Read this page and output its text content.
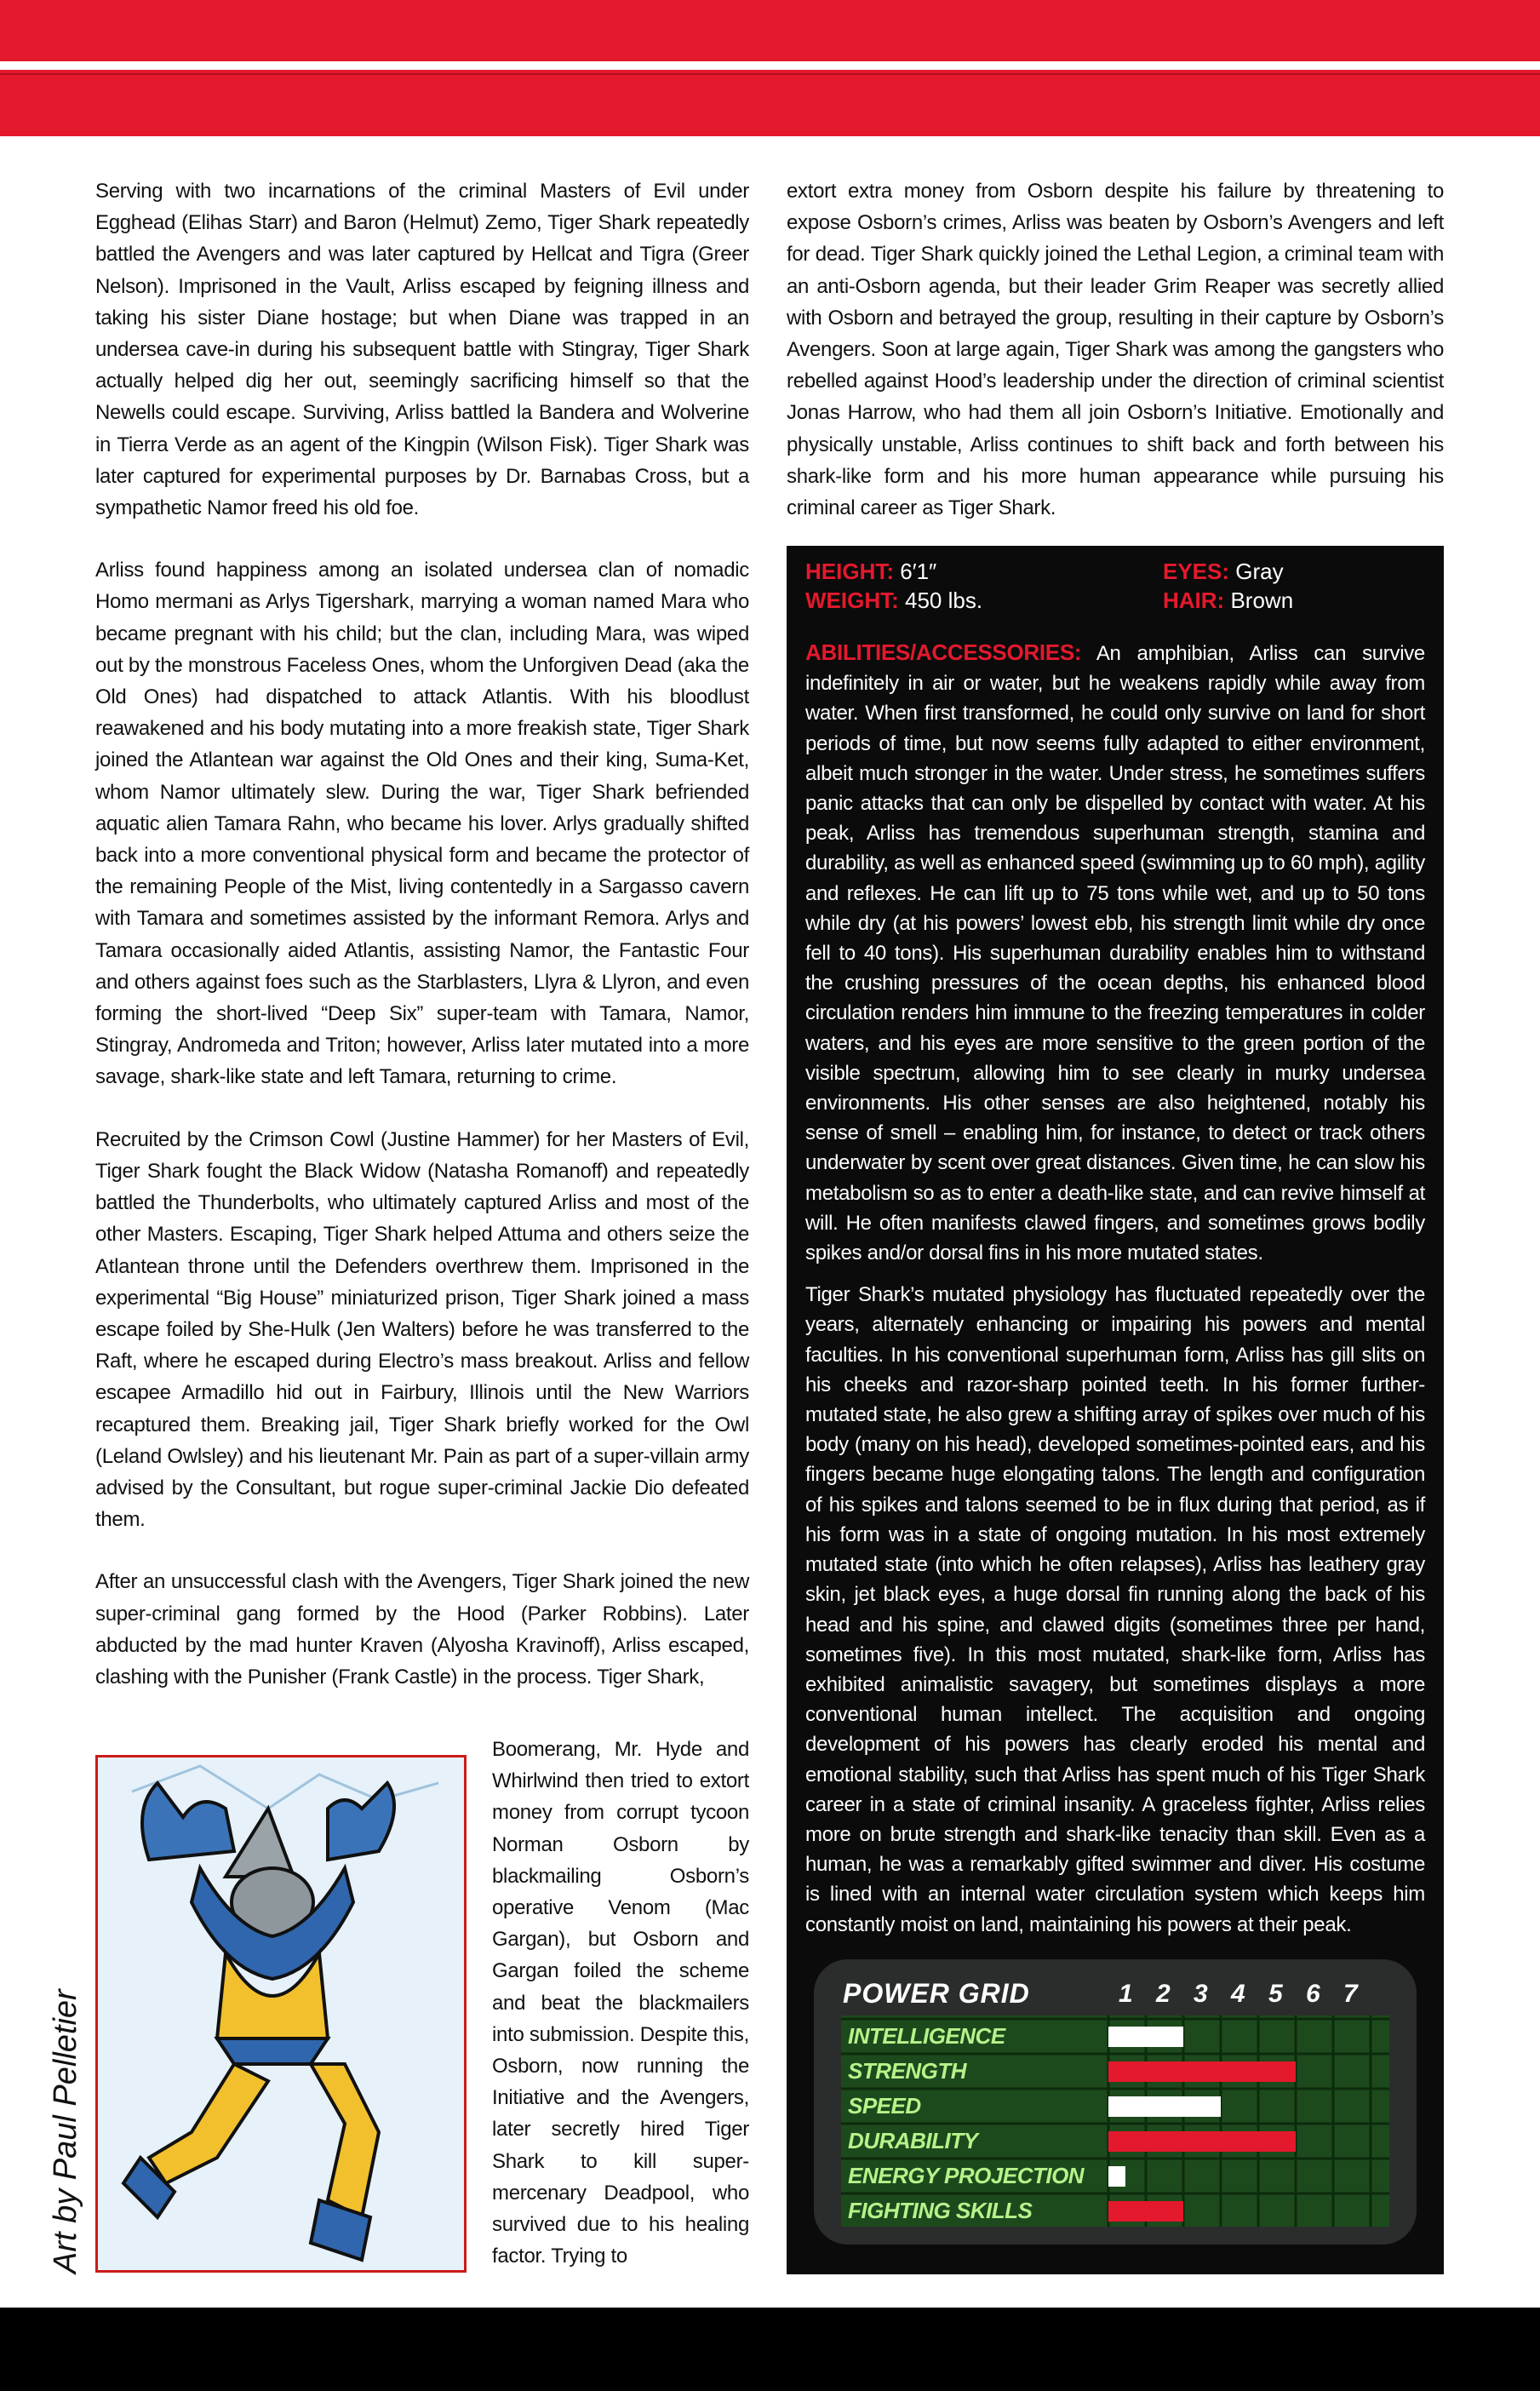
Serving with two incarnations of the criminal Masters of Evil under Egghead (Elihas Starr) and Baron (Helmut) Zemo, Tiger Shark repeatedly battled the Avengers and was later captured by Hellcat and Tigra (Greer Nelson). Imprisoned in the Vault, Arliss escaped by feigning illness and taking his sister Diane hostage; but when Diane was trapped in an undersea cave-in during his subsequent battle with Stingray, Tiger Shark actually helped dig her out, seemingly sacrificing himself so that the Newells could escape. Surviving, Arliss battled la Bandera and Wolverine in Tierra Verde as an agent of the Kingpin (Wilson Fisk). Tiger Shark was later captured for experimental purposes by Dr. Barnabas Cross, but a sympathetic Namor freed his old foe.

Arliss found happiness among an isolated undersea clan of nomadic Homo mermani as Arlys Tigershark, marrying a woman named Mara who became pregnant with his child; but the clan, including Mara, was wiped out by the monstrous Faceless Ones, whom the Unforgiven Dead (aka the Old Ones) had dispatched to attack Atlantis. With his bloodlust reawakened and his body mutating into a more freakish state, Tiger Shark joined the Atlantean war against the Old Ones and their king, Suma-Ket, whom Namor ultimately slew. During the war, Tiger Shark befriended aquatic alien Tamara Rahn, who became his lover. Arlys gradually shifted back into a more conventional physical form and became the protector of the remaining People of the Mist, living contentedly in a Sargasso cavern with Tamara and sometimes assisted by the informant Remora. Arlys and Tamara occasionally aided Atlantis, assisting Namor, the Fantastic Four and others against foes such as the Starblasters, Llyra & Llyron, and even forming the short-lived “Deep Six” super-team with Tamara, Namor, Stingray, Andromeda and Triton; however, Arliss later mutated into a more savage, shark-like state and left Tamara, returning to crime.

Recruited by the Crimson Cowl (Justine Hammer) for her Masters of Evil, Tiger Shark fought the Black Widow (Natasha Romanoff) and repeatedly battled the Thunderbolts, who ultimately captured Arliss and most of the other Masters. Escaping, Tiger Shark helped Attuma and others seize the Atlantean throne until the Defenders overthrew them. Imprisoned in the experimental “Big House” miniaturized prison, Tiger Shark joined a mass escape foiled by She-Hulk (Jen Walters) before he was transferred to the Raft, where he escaped during Electro’s mass breakout. Arliss and fellow escapee Armadillo hid out in Fairbury, Illinois until the New Warriors recaptured them. Breaking jail, Tiger Shark briefly worked for the Owl (Leland Owlsley) and his lieutenant Mr. Pain as part of a super-villain army advised by the Consultant, but rogue super-criminal Jackie Dio defeated them.

After an unsuccessful clash with the Avengers, Tiger Shark joined the new super-criminal gang formed by the Hood (Parker Robbins). Later abducted by the mad hunter Kraven (Alyosha Kravinoff), Arliss escaped, clashing with the Punisher (Frank Castle) in the process. Tiger Shark,

Art by Paul Pelletier

Boomerang, Mr. Hyde and Whirlwind then tried to extort money from corrupt tycoon Norman Osborn by blackmailing Osborn’s operative Venom (Mac Gargan), but Osborn and Gargan foiled the scheme and beat the blackmailers into submission. Despite this, Osborn, now running the Initiative and the Avengers, later secretly hired Tiger Shark to kill super-mercenary Deadpool, who survived due to his healing factor. Trying to

extort extra money from Osborn despite his failure by threatening to expose Osborn’s crimes, Arliss was beaten by Osborn’s Avengers and left for dead. Tiger Shark quickly joined the Lethal Legion, a criminal team with an anti-Osborn agenda, but their leader Grim Reaper was secretly allied with Osborn and betrayed the group, resulting in their capture by Osborn’s Avengers. Soon at large again, Tiger Shark was among the gangsters who rebelled against Hood’s leadership under the direction of criminal scientist Jonas Harrow, who had them all join Osborn’s Initiative. Emotionally and physically unstable, Arliss continues to shift back and forth between his shark-like form and his more human appearance while pursuing his criminal career as Tiger Shark.

HEIGHT: 6′1″
WEIGHT: 450 lbs.
EYES: Gray
HAIR: Brown

ABILITIES/ACCESSORIES: An amphibian, Arliss can survive indefinitely in air or water, but he weakens rapidly while away from water. When first transformed, he could only survive on land for short periods of time, but now seems fully adapted to either environment, albeit much stronger in the water. Under stress, he sometimes suffers panic attacks that can only be dispelled by contact with water. At his peak, Arliss has tremendous superhuman strength, stamina and durability, as well as enhanced speed (swimming up to 60 mph), agility and reflexes. He can lift up to 75 tons while wet, and up to 50 tons while dry (at his powers’ lowest ebb, his strength limit while dry once fell to 40 tons). His superhuman durability enables him to withstand the crushing pressures of the ocean depths, his enhanced blood circulation renders him immune to the freezing temperatures in colder waters, and his eyes are more sensitive to the green portion of the visible spectrum, allowing him to see clearly in murky undersea environments. His other senses are also heightened, notably his sense of smell – enabling him, for instance, to detect or track others underwater by scent over great distances. Given time, he can slow his metabolism so as to enter a death-like state, and can revive himself at will. He often manifests clawed fingers, and sometimes grows bodily spikes and/or dorsal fins in his more mutated states.

Tiger Shark’s mutated physiology has fluctuated repeatedly over the years, alternately enhancing or impairing his powers and mental faculties. In his conventional superhuman form, Arliss has gill slits on his cheeks and razor-sharp pointed teeth. In his former further-mutated state, he also grew a shifting array of spikes over much of his body (many on his head), developed sometimes-pointed ears, and his fingers became huge elongating talons. The length and configuration of his spikes and talons seemed to be in flux during that period, as if his form was in a state of ongoing mutation. In his most extremely mutated state (into which he often relapses), Arliss has leathery gray skin, jet black eyes, a huge dorsal fin running along the back of his head and his spine, and clawed digits (sometimes three per hand, sometimes five). In this most mutated, shark-like form, Arliss has exhibited animalistic savagery, but sometimes displays a more conventional human intellect. The acquisition and ongoing development of his powers has clearly eroded his mental and emotional stability, such that Arliss has spent much of his Tiger Shark career in a state of criminal insanity. A graceless fighter, Arliss relies more on brute strength and shark-like tenacity than skill. Even as a human, he was a remarkably gifted swimmer and diver. His costume is lined with an internal water circulation system which keeps him constantly moist on land, maintaining his powers at their peak.

POWER GRID	1 2 3 4 5 6 7
INTELLIGENCE
STRENGTH
SPEED
DURABILITY
ENERGY PROJECTION
FIGHTING SKILLS
